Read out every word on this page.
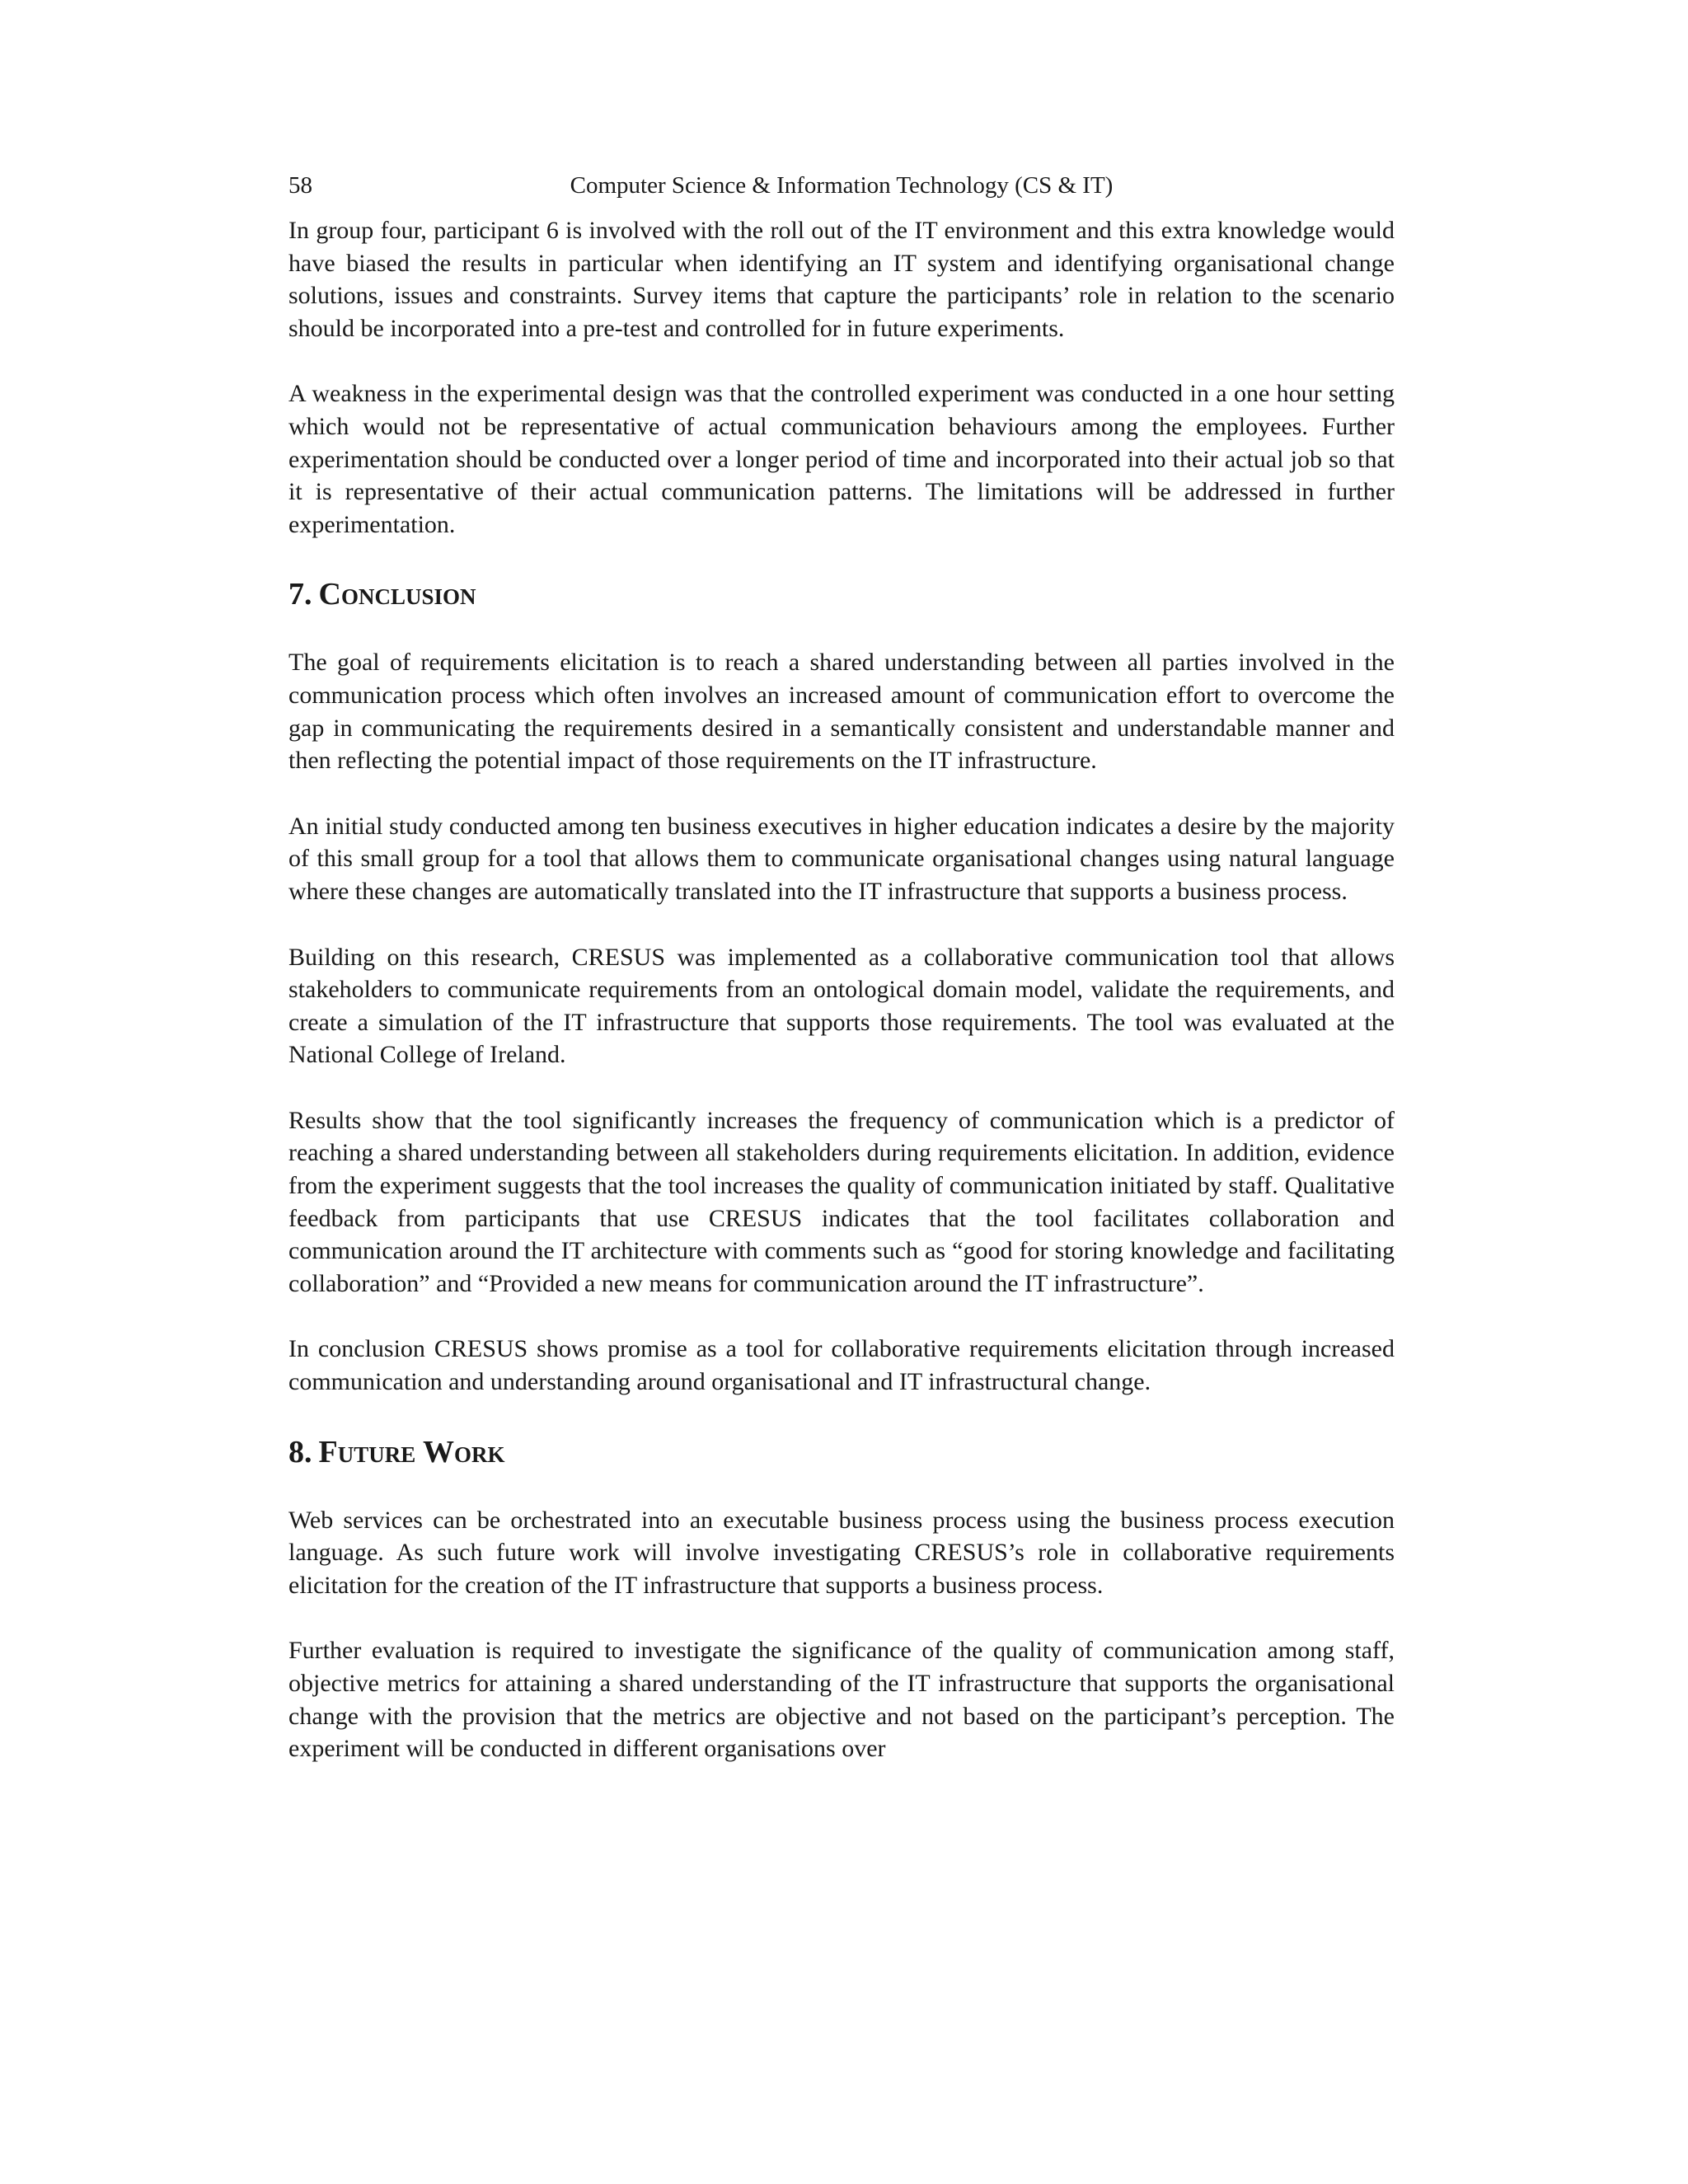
58	Computer Science & Information Technology (CS & IT)

In group four, participant 6 is involved with the roll out of the IT environment and this extra knowledge would have biased the results in particular when identifying an IT system and identifying organisational change solutions, issues and constraints. Survey items that capture the participants’ role in relation to the scenario should be incorporated into a pre-test and controlled for in future experiments.

A weakness in the experimental design was that the controlled experiment was conducted in a one hour setting which would not be representative of actual communication behaviours among the employees. Further experimentation should be conducted over a longer period of time and incorporated into their actual job so that it is representative of their actual communication patterns. The limitations will be addressed in further experimentation.

7. Conclusion

The goal of requirements elicitation is to reach a shared understanding between all parties involved in the communication process which often involves an increased amount of communication effort to overcome the gap in communicating the requirements desired in a semantically consistent and understandable manner and then reflecting the potential impact of those requirements on the IT infrastructure.

An initial study conducted among ten business executives in higher education indicates a desire by the majority of this small group for a tool that allows them to communicate organisational changes using natural language where these changes are automatically translated into the IT infrastructure that supports a business process.

Building on this research, CRESUS was implemented as a collaborative communication tool that allows stakeholders to communicate requirements from an ontological domain model, validate the requirements, and create a simulation of the IT infrastructure that supports those requirements. The tool was evaluated at the National College of Ireland.

Results show that the tool significantly increases the frequency of communication which is a predictor of reaching a shared understanding between all stakeholders during requirements elicitation. In addition, evidence from the experiment suggests that the tool increases the quality of communication initiated by staff. Qualitative feedback from participants that use CRESUS indicates that the tool facilitates collaboration and communication around the IT architecture with comments such as “good for storing knowledge and facilitating collaboration” and “Provided a new means for communication around the IT infrastructure”.

In conclusion CRESUS shows promise as a tool for collaborative requirements elicitation through increased communication and understanding around organisational and IT infrastructural change.

8. Future Work

Web services can be orchestrated into an executable business process using the business process execution language. As such future work will involve investigating CRESUS’s role in collaborative requirements elicitation for the creation of the IT infrastructure that supports a business process.

Further evaluation is required to investigate the significance of the quality of communication among staff, objective metrics for attaining a shared understanding of the IT infrastructure that supports the organisational change with the provision that the metrics are objective and not based on the participant’s perception. The experiment will be conducted in different organisations over
